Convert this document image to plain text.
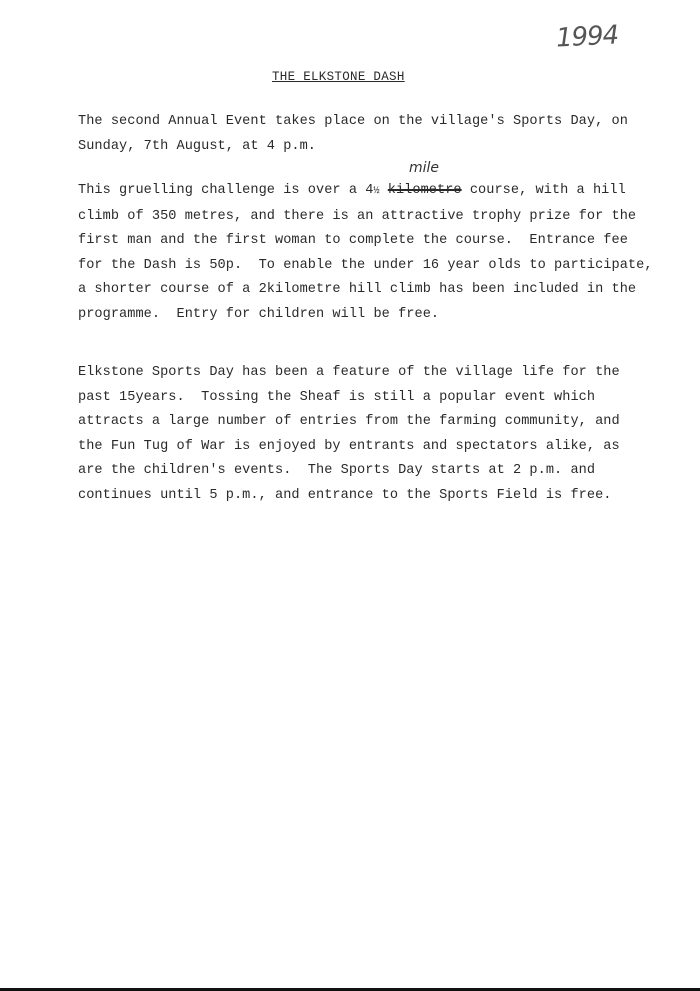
1994
THE ELKSTONE DASH
The second Annual Event takes place on the village's Sports Day, on
Sunday, 7th August, at 4 p.m.
mile
This gruelling challenge is over a 4½ kilometre course, with a hill
climb of 350 metres, and there is an attractive trophy prize for the
first man and the first woman to complete the course.  Entrance fee
for the Dash is 50p.  To enable the under 16 year olds to participate,
a shorter course of a 2kilometre hill climb has been included in the
programme.  Entry for children will be free.
Elkstone Sports Day has been a feature of the village life for the
past 15years.  Tossing the Sheaf is still a popular event which
attracts a large number of entries from the farming community, and
the Fun Tug of War is enjoyed by entrants and spectators alike, as
are the children's events.  The Sports Day starts at 2 p.m. and
continues until 5 p.m., and entrance to the Sports Field is free.
